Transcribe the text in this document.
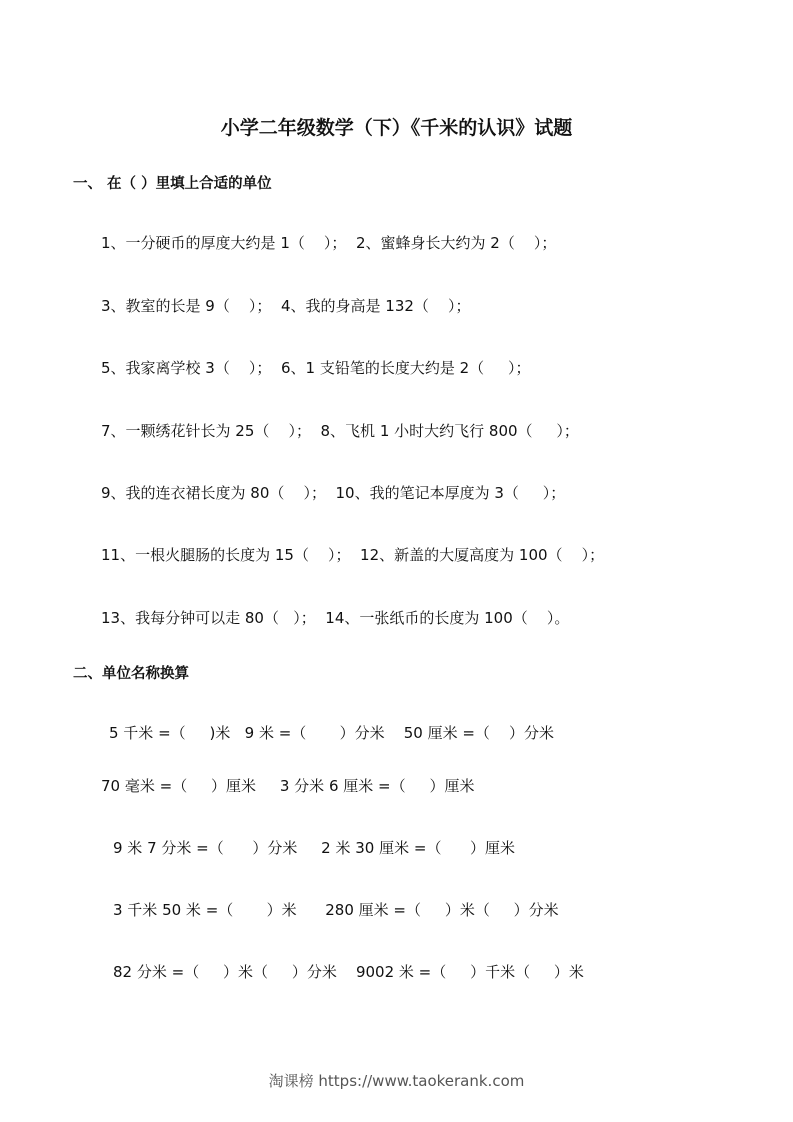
小学二年级数学（下）《千米的认识》试题
一、 在（ ）里填上合适的单位

1、一分硬币的厚度大约是 1（    ）；  2、蜜蜂身长大约为 2（    ）；

3、教室的长是 9（    ）；  4、我的身高是 132（    ）；

5、我家离学校 3（    ）；  6、1 支铅笔的长度大约是 2（     ）；

7、一颗绣花针长为 25（    ）；  8、飞机 1 小时大约飞行 800（     ）；

9、我的连衣裙长度为 80（    ）；  10、我的笔记本厚度为 3（     ）；

11、一根火腿肠的长度为 15（    ）；  12、新盖的大厦高度为 100（    ）；

13、我每分钟可以走 80（   ）；  14、一张纸币的长度为 100（    ）。

二、单位名称换算

5 千米 =（     )米   9 米 =（       ）分米    50 厘米 =（    ）分米

70 毫米 =（     ）厘米     3 分米 6 厘米 =（     ）厘米

9 米 7 分米 =（      ）分米     2 米 30 厘米 =（      ）厘米

3 千米 50 米 =（       ）米      280 厘米 =（     ）米（     ）分米

82 分米 =（     ）米（     ）分米    9002 米 =（     ）千米（     ）米

淘课榜 https://www.taokerank.com
